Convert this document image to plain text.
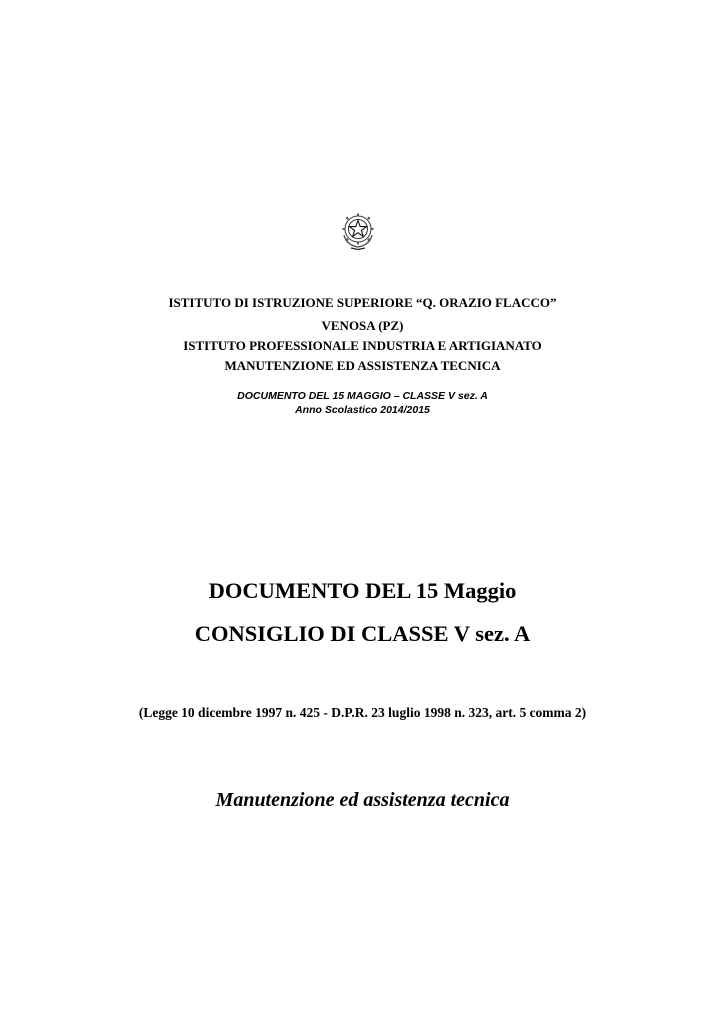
ISTITUTO DI ISTRUZIONE SUPERIORE “Q. ORAZIO FLACCO”
VENOSA (PZ)
ISTITUTO PROFESSIONALE INDUSTRIA E ARTIGIANATO
MANUTENZIONE ED ASSISTENZA TECNICA
DOCUMENTO DEL 15 MAGGIO – CLASSE V sez. A
Anno Scolastico 2014/2015
DOCUMENTO DEL 15 Maggio
CONSIGLIO DI CLASSE V sez. A
(Legge 10 dicembre 1997 n. 425 - D.P.R. 23 luglio 1998 n. 323, art. 5 comma 2)
Manutenzione ed assistenza tecnica
